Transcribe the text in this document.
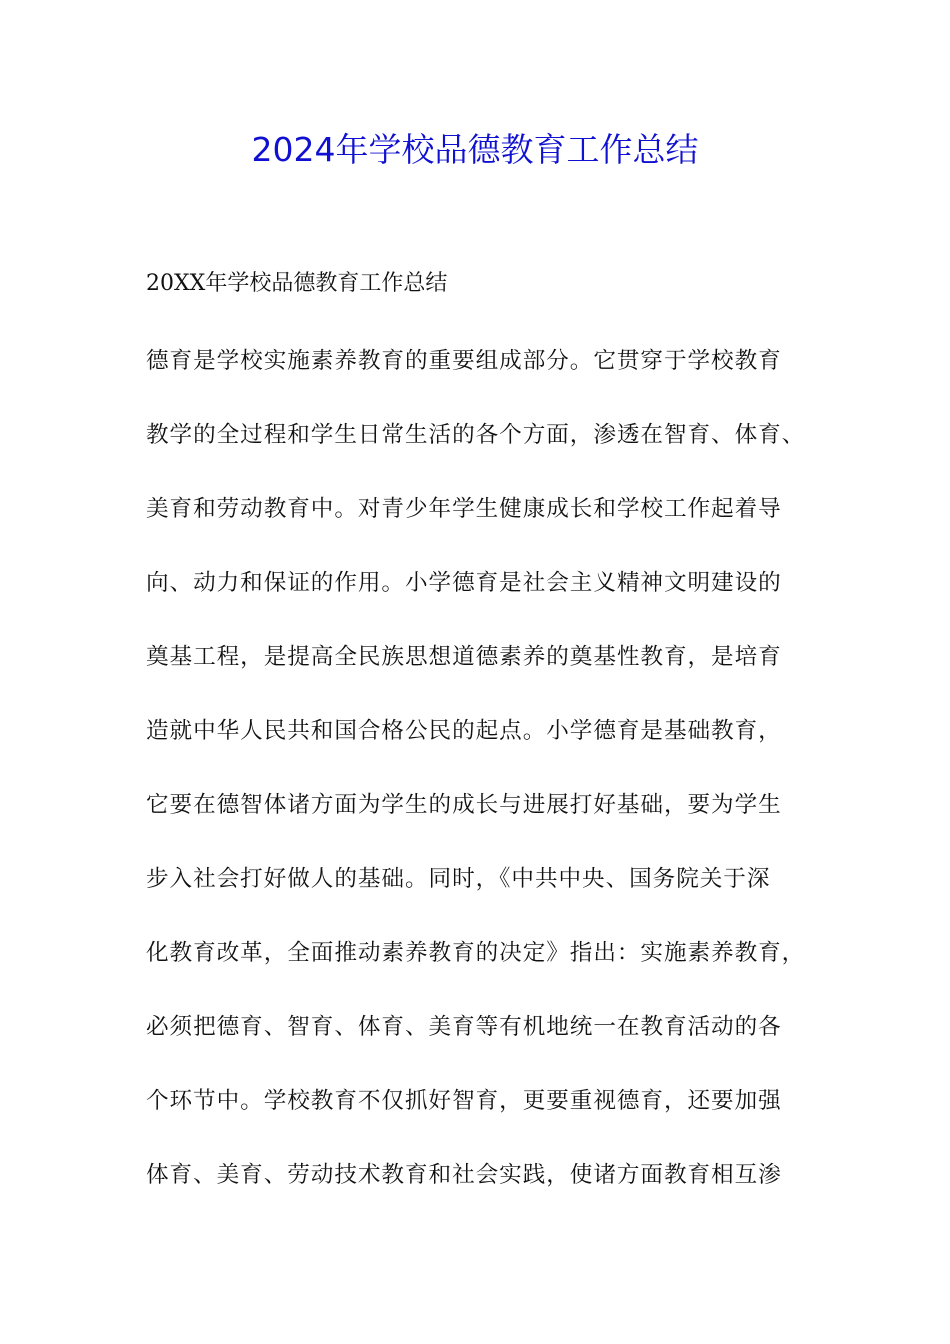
2024年学校品德教育工作总结
20XX年学校品德教育工作总结
德育是学校实施素养教育的重要组成部分。它贯穿于学校教育
教学的全过程和学生日常生活的各个方面，渗透在智育、体育、
美育和劳动教育中。对青少年学生健康成长和学校工作起着导
向、动力和保证的作用。小学德育是社会主义精神文明建设的
奠基工程，是提高全民族思想道德素养的奠基性教育，是培育
造就中华人民共和国合格公民的起点。小学德育是基础教育，
它要在德智体诸方面为学生的成长与进展打好基础，要为学生
步入社会打好做人的基础。同时，《中共中央、国务院关于深
化教育改革，全面推动素养教育的决定》指出：实施素养教育，
必须把德育、智育、体育、美育等有机地统一在教育活动的各
个环节中。学校教育不仅抓好智育，更要重视德育，还要加强
体育、美育、劳动技术教育和社会实践，使诸方面教育相互渗
